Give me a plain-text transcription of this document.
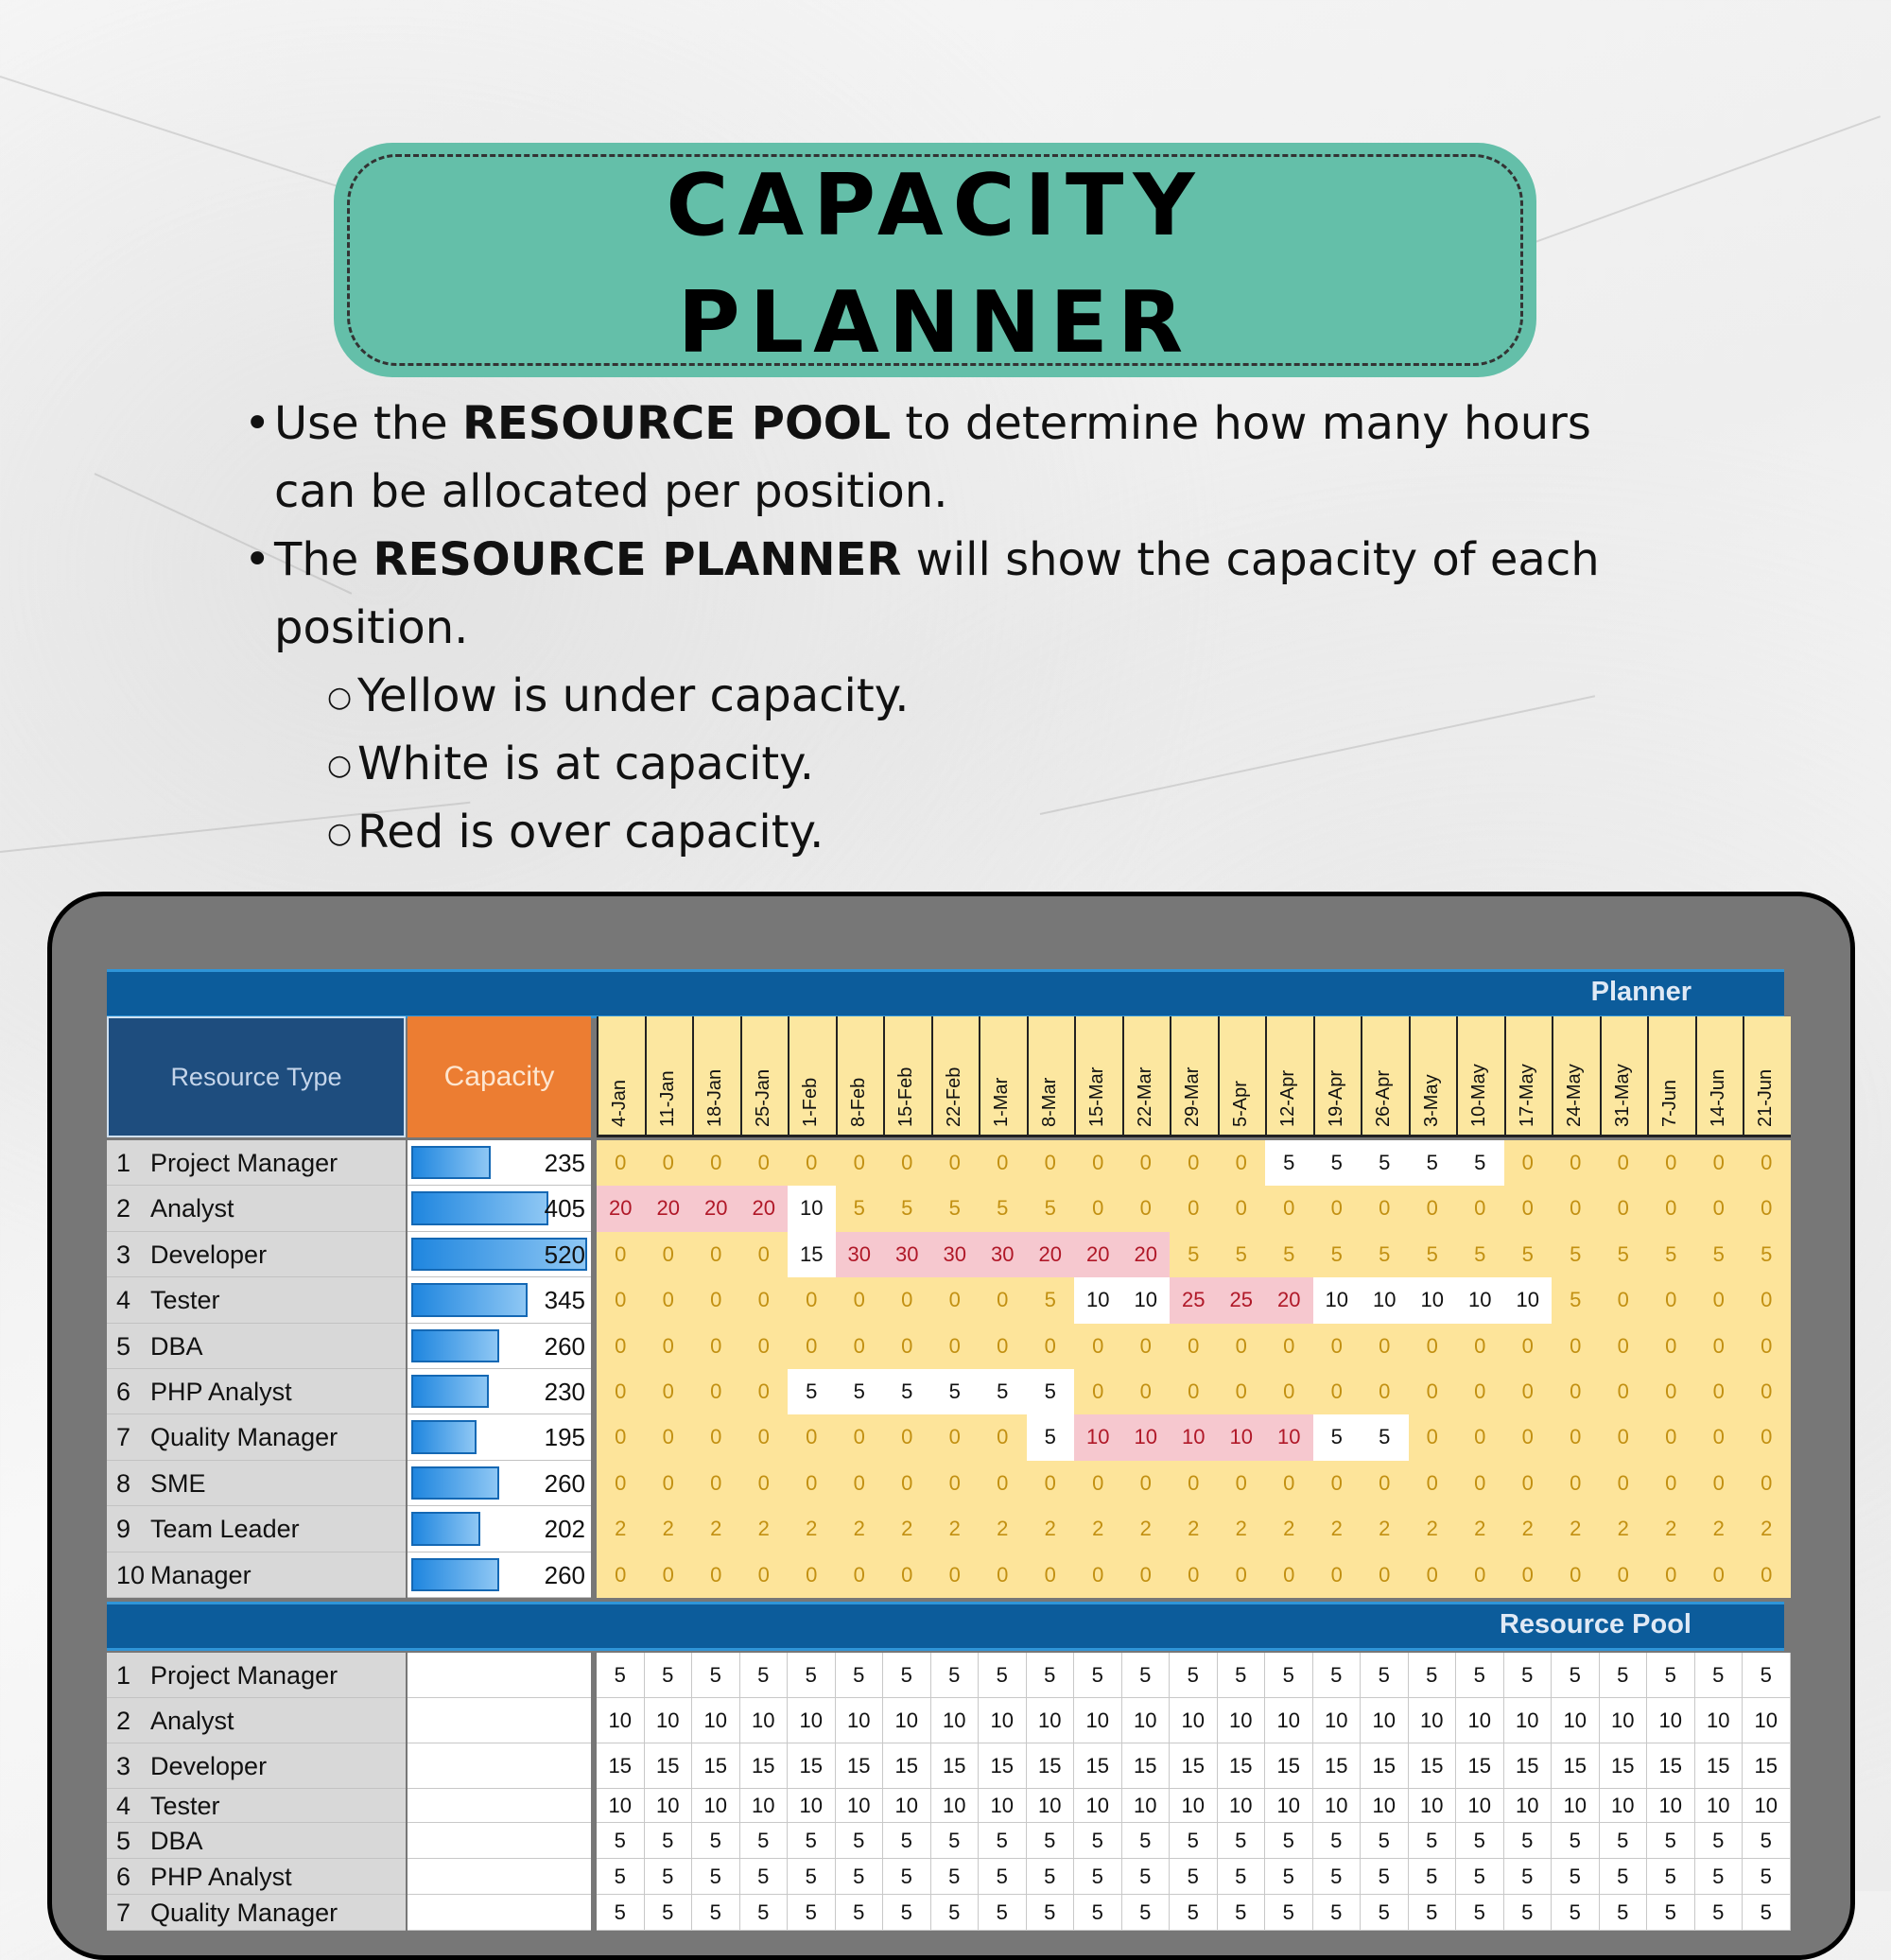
CAPACITY
PLANNER
• Use the RESOURCE POOL to determine how many hours
can be allocated per position.
• The RESOURCE PLANNER will show the capacity of each
position.
○ Yellow is under capacity.
○ White is at capacity.
○ Red is over capacity.
Planner
Resource Type	Capacity
4-Jan 11-Jan 18-Jan 25-Jan 1-Feb 8-Feb 15-Feb 22-Feb 1-Mar 8-Mar 15-Mar 22-Mar 29-Mar 5-Apr 12-Apr 19-Apr 26-Apr 3-May 10-May 17-May 24-May 31-May 7-Jun 14-Jun 21-Jun
1 Project Manager	235	0	0	0	0	0	0	0	0	0	0	0	0	0	0	5	5	5	5	5	0	0	0	0	0	0
2 Analyst	405	20	20	20	20	10	5	5	5	5	5	0	0	0	0	0	0	0	0	0	0	0	0	0	0	0
3 Developer	520	0	0	0	0	15	30	30	30	30	20	20	20	5	5	5	5	5	5	5	5	5	5	5	5	5
4 Tester	345	0	0	0	0	0	0	0	0	0	5	10	10	25	25	20	10	10	10	10	10	5	0	0	0	0
5 DBA	260	0	0	0	0	0	0	0	0	0	0	0	0	0	0	0	0	0	0	0	0	0	0	0	0	0
6 PHP Analyst	230	0	0	0	0	5	5	5	5	5	5	0	0	0	0	0	0	0	0	0	0	0	0	0	0	0
7 Quality Manager	195	0	0	0	0	0	0	0	0	0	5	10	10	10	10	10	5	5	0	0	0	0	0	0	0	0
8 SME	260	0	0	0	0	0	0	0	0	0	0	0	0	0	0	0	0	0	0	0	0	0	0	0	0	0
9 Team Leader	202	2	2	2	2	2	2	2	2	2	2	2	2	2	2	2	2	2	2	2	2	2	2	2	2	2
10 Manager	260	0	0	0	0	0	0	0	0	0	0	0	0	0	0	0	0	0	0	0	0	0	0	0	0	0
Resource Pool
1 Project Manager	5	5	5	5	5	5	5	5	5	5	5	5	5	5	5	5	5	5	5	5	5	5	5	5	5
2 Analyst	10	10	10	10	10	10	10	10	10	10	10	10	10	10	10	10	10	10	10	10	10	10	10	10	10
3 Developer	15	15	15	15	15	15	15	15	15	15	15	15	15	15	15	15	15	15	15	15	15	15	15	15	15
4 Tester	10	10	10	10	10	10	10	10	10	10	10	10	10	10	10	10	10	10	10	10	10	10	10	10	10
5 DBA	5	5	5	5	5	5	5	5	5	5	5	5	5	5	5	5	5	5	5	5	5	5	5	5	5
6 PHP Analyst	5	5	5	5	5	5	5	5	5	5	5	5	5	5	5	5	5	5	5	5	5	5	5	5	5
7 Quality Manager	5	5	5	5	5	5	5	5	5	5	5	5	5	5	5	5	5	5	5	5	5	5	5	5	5
